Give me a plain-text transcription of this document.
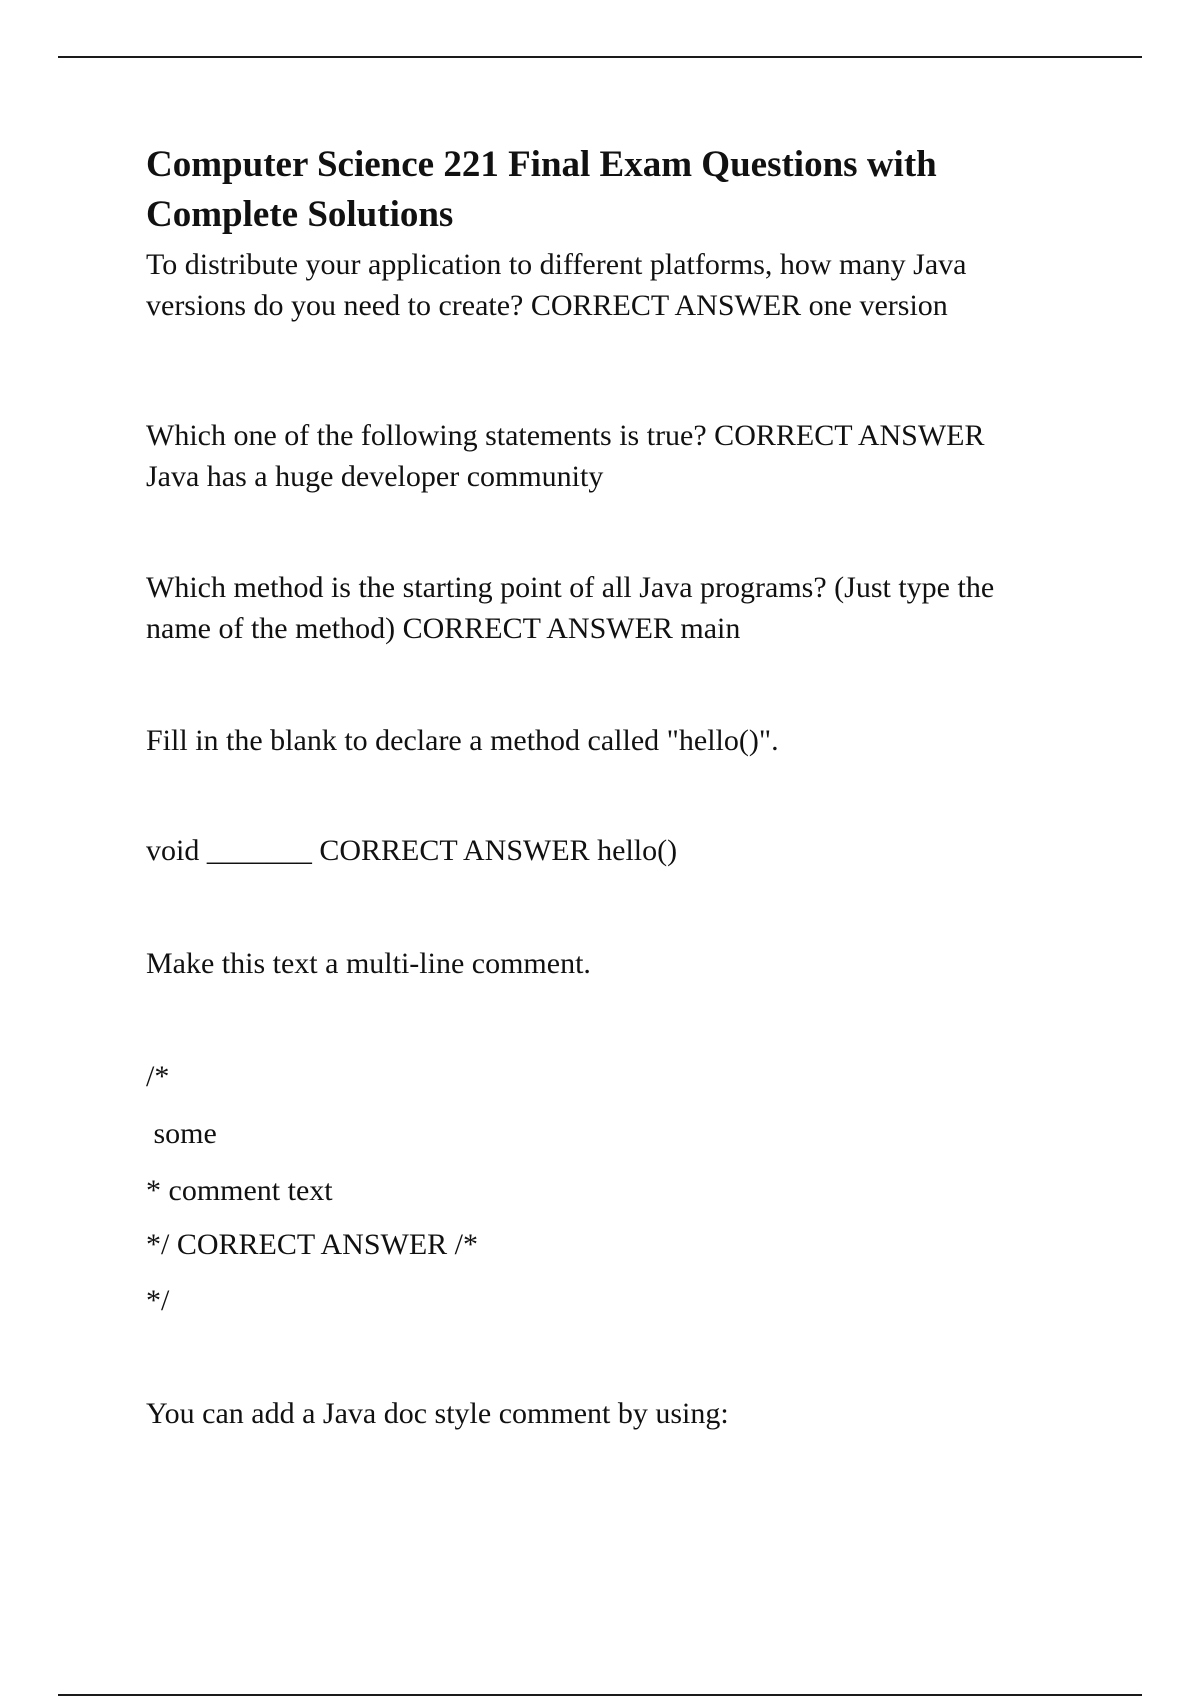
Computer Science 221 Final Exam Questions with
Complete Solutions

To distribute your application to different platforms, how many Java
versions do you need to create? CORRECT ANSWER one version

Which one of the following statements is true? CORRECT ANSWER
Java has a huge developer community

Which method is the starting point of all Java programs? (Just type the
name of the method) CORRECT ANSWER main

Fill in the blank to declare a method called "hello()".

void _______ CORRECT ANSWER hello()

Make this text a multi-line comment.

/*

some

* comment text

*/ CORRECT ANSWER /*

*/

You can add a Java doc style comment by using:
